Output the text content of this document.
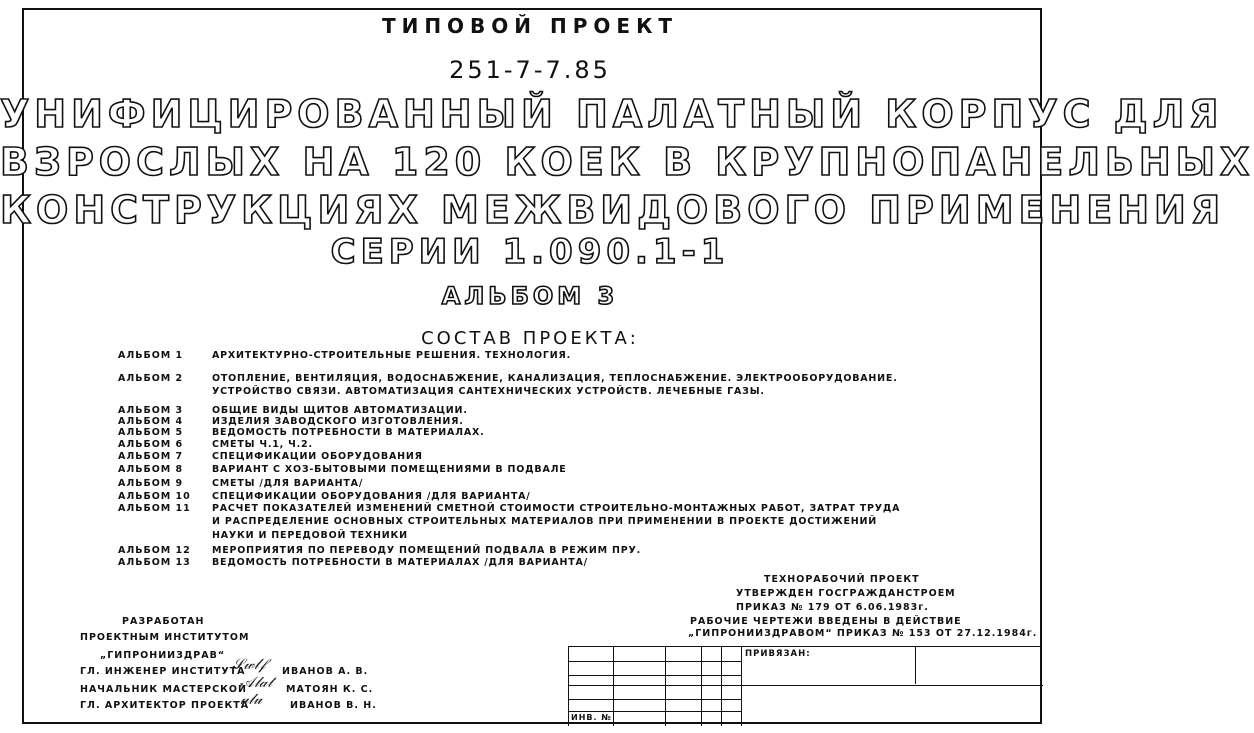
ТИПОВОЙ ПРОЕКТ
251-7-7.85
УНИФИЦИРОВАННЫЙ ПАЛАТНЫЙ КОРПУС ДЛЯ
ВЗРОСЛЫХ НА 120 КОЕК В КРУПНОПАНЕЛЬНЫХ
КОНСТРУКЦИЯХ МЕЖВИДОВОГО ПРИМЕНЕНИЯ
СЕРИИ 1.090.1-1
АЛЬБОМ 3
СОСТАВ ПРОЕКТА:
АЛЬБОМ 1	АРХИТЕКТУРНО-СТРОИТЕЛЬНЫЕ РЕШЕНИЯ. ТЕХНОЛОГИЯ.
АЛЬБОМ 2	ОТОПЛЕНИЕ, ВЕНТИЛЯЦИЯ, ВОДОСНАБЖЕНИЕ, КАНАЛИЗАЦИЯ, ТЕПЛОСНАБЖЕНИЕ. ЭЛЕКТРООБОРУДОВАНИЕ.
УСТРОЙСТВО СВЯЗИ. АВТОМАТИЗАЦИЯ САНТЕХНИЧЕСКИХ УСТРОЙСТВ. ЛЕЧЕБНЫЕ ГАЗЫ.
АЛЬБОМ 3	ОБЩИЕ ВИДЫ ЩИТОВ АВТОМАТИЗАЦИИ.
АЛЬБОМ 4	ИЗДЕЛИЯ ЗАВОДСКОГО ИЗГОТОВЛЕНИЯ.
АЛЬБОМ 5	ВЕДОМОСТЬ ПОТРЕБНОСТИ В МАТЕРИАЛАХ.
АЛЬБОМ 6	СМЕТЫ Ч.1, Ч.2.
АЛЬБОМ 7	СПЕЦИФИКАЦИИ ОБОРУДОВАНИЯ
АЛЬБОМ 8	ВАРИАНТ С ХОЗ-БЫТОВЫМИ ПОМЕЩЕНИЯМИ В ПОДВАЛЕ
АЛЬБОМ 9	СМЕТЫ /ДЛЯ ВАРИАНТА/
АЛЬБОМ 10	СПЕЦИФИКАЦИИ ОБОРУДОВАНИЯ /ДЛЯ ВАРИАНТА/
АЛЬБОМ 11	РАСЧЕТ ПОКАЗАТЕЛЕЙ ИЗМЕНЕНИЙ СМЕТНОЙ СТОИМОСТИ СТРОИТЕЛЬНО-МОНТАЖНЫХ РАБОТ, ЗАТРАТ ТРУДА
И РАСПРЕДЕЛЕНИЕ ОСНОВНЫХ СТРОИТЕЛЬНЫХ МАТЕРИАЛОВ ПРИ ПРИМЕНЕНИИ В ПРОЕКТЕ ДОСТИЖЕНИЙ
НАУКИ И ПЕРЕДОВОЙ ТЕХНИКИ
АЛЬБОМ 12	МЕРОПРИЯТИЯ ПО ПЕРЕВОДУ ПОМЕЩЕНИЙ ПОДВАЛА В РЕЖИМ ПРУ.
АЛЬБОМ 13	ВЕДОМОСТЬ ПОТРЕБНОСТИ В МАТЕРИАЛАХ /ДЛЯ ВАРИАНТА/
ТЕХНОРАБОЧИЙ ПРОЕКТ
УТВЕРЖДЕН ГОСГРАЖДАНСТРОЕМ
ПРИКАЗ № 179 ОТ 6.06.1983г.
РАБОЧИЕ ЧЕРТЕЖИ ВВЕДЕНЫ В ДЕЙСТВИЕ
„ГИПРОНИИЗДРАВОМ“ ПРИКАЗ № 153 ОТ 27.12.1984г.
РАЗРАБОТАН
ПРОЕКТНЫМ ИНСТИТУТОМ
„ГИПРОНИИЗДРАВ“
ГЛ. ИНЖЕНЕР ИНСТИТУТА
𝒮𝓌𝓁𝒻 ИВАНОВ А. В.
НАЧАЛЬНИК МАСТЕРСКОЙ
𝒜𝓁𝒶𝓉 МАТОЯН К. С.
ГЛ. АРХИТЕКТОР ПРОЕКТА
𝓊𝓁𝓊	ИВАНОВ В. Н.
ПРИВЯЗАН:
ИНВ. №
